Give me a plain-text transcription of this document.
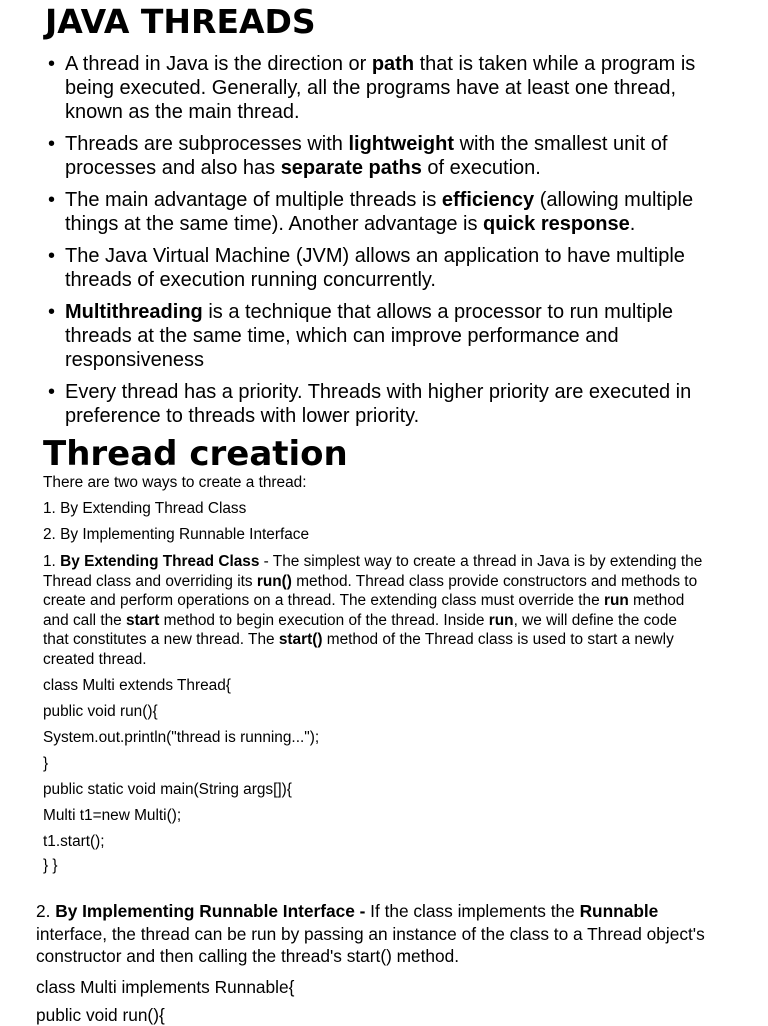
JAVA THREADS
• A thread in Java is the direction or path that is taken while a program is being executed. Generally, all the programs have at least one thread, known as the main thread.
• Threads are subprocesses with lightweight with the smallest unit of processes and also has separate paths of execution.
• The main advantage of multiple threads is efficiency (allowing multiple things at the same time). Another advantage is quick response.
• The Java Virtual Machine (JVM) allows an application to have multiple threads of execution running concurrently.
• Multithreading is a technique that allows a processor to run multiple threads at the same time, which can improve performance and responsiveness
• Every thread has a priority. Threads with higher priority are executed in preference to threads with lower priority.
Thread creation
There are two ways to create a thread:
1. By Extending Thread Class
2. By Implementing Runnable Interface
1. By Extending Thread Class - The simplest way to create a thread in Java is by extending the Thread class and overriding its run() method. Thread class provide constructors and methods to create and perform operations on a thread. The extending class must override the run method and call the start method to begin execution of the thread. Inside run, we will define the code that constitutes a new thread. The start() method of the Thread class is used to start a newly created thread.
class Multi extends Thread{
public void run(){
System.out.println("thread is running...");
}
public static void main(String args[]){
Multi t1=new Multi();
t1.start();
} }
2. By Implementing Runnable Interface - If the class implements the Runnable interface, the thread can be run by passing an instance of the class to a Thread object's constructor and then calling the thread's start() method.
class Multi implements Runnable{
public void run(){
